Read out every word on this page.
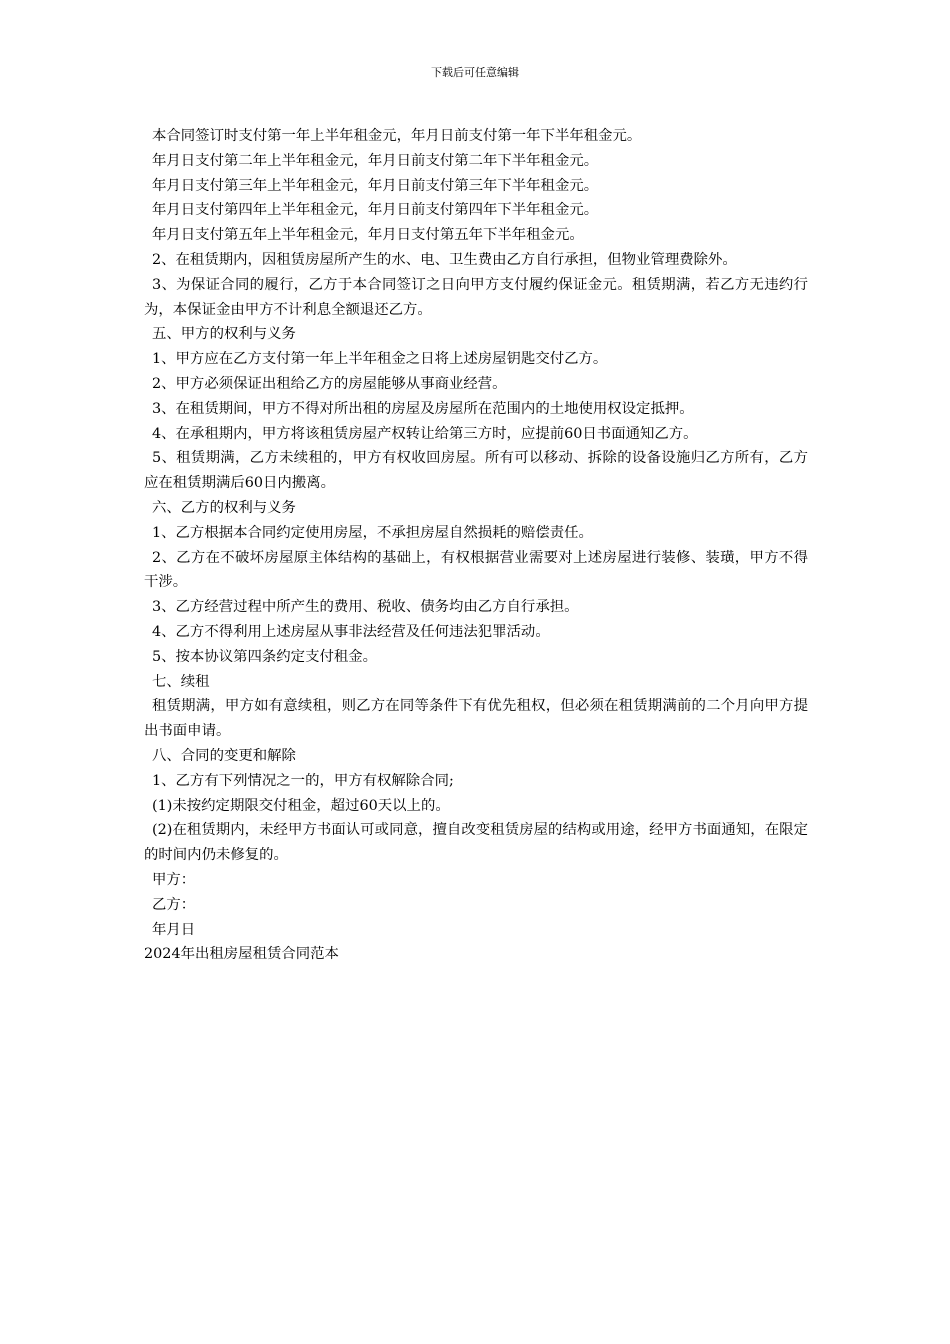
下载后可任意编辑

本合同签订时支付第一年上半年租金元，年月日前支付第一年下半年租金元。

年月日支付第二年上半年租金元，年月日前支付第二年下半年租金元。

年月日支付第三年上半年租金元，年月日前支付第三年下半年租金元。

年月日支付第四年上半年租金元，年月日前支付第四年下半年租金元。

年月日支付第五年上半年租金元，年月日支付第五年下半年租金元。

2、在租赁期内，因租赁房屋所产生的水、电、卫生费由乙方自行承担，但物业管理费除外。

3、为保证合同的履行，乙方于本合同签订之日向甲方支付履约保证金元。租赁期满，若乙方无违约行为，本保证金由甲方不计利息全额退还乙方。

五、甲方的权利与义务

1、甲方应在乙方支付第一年上半年租金之日将上述房屋钥匙交付乙方。

2、甲方必须保证出租给乙方的房屋能够从事商业经营。

3、在租赁期间，甲方不得对所出租的房屋及房屋所在范围内的土地使用权设定抵押。

4、在承租期内，甲方将该租赁房屋产权转让给第三方时，应提前60日书面通知乙方。

5、租赁期满，乙方未续租的，甲方有权收回房屋。所有可以移动、拆除的设备设施归乙方所有，乙方应在租赁期满后60日内搬离。

六、乙方的权利与义务

1、乙方根据本合同约定使用房屋，不承担房屋自然损耗的赔偿责任。

2、乙方在不破坏房屋原主体结构的基础上，有权根据营业需要对上述房屋进行装修、装璜，甲方不得干涉。

3、乙方经营过程中所产生的费用、税收、债务均由乙方自行承担。

4、乙方不得利用上述房屋从事非法经营及任何违法犯罪活动。

5、按本协议第四条约定支付租金。

七、续租

租赁期满，甲方如有意续租，则乙方在同等条件下有优先租权，但必须在租赁期满前的二个月向甲方提出书面申请。

八、合同的变更和解除

1、乙方有下列情况之一的，甲方有权解除合同;

(1)未按约定期限交付租金，超过60天以上的。

(2)在租赁期内，未经甲方书面认可或同意，擅自改变租赁房屋的结构或用途，经甲方书面通知，在限定的时间内仍未修复的。

甲方：

乙方：

年月日

2024年出租房屋租赁合同范本
